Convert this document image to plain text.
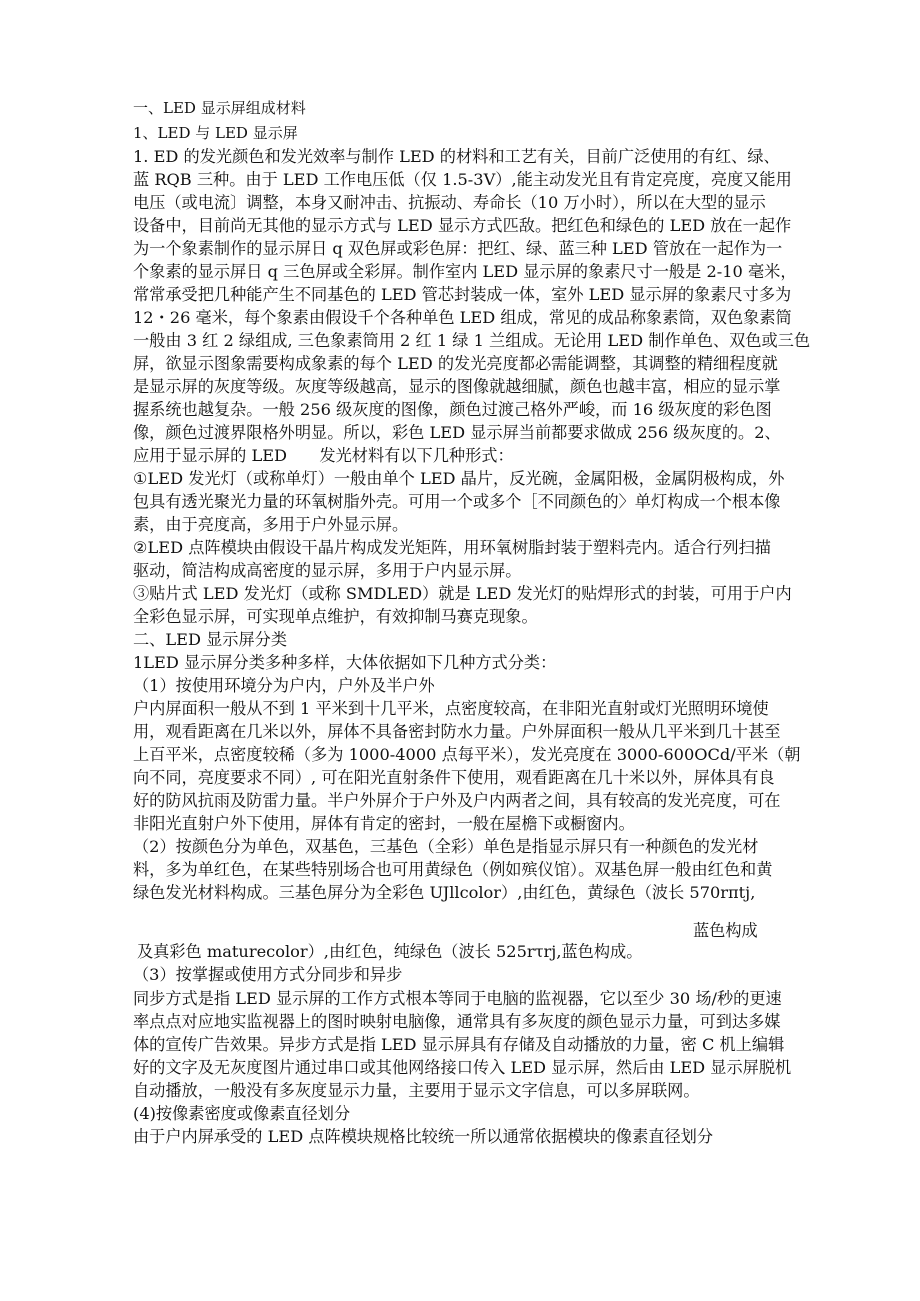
一、LED 显示屏组成材料
1、LED 与 LED 显示屏
1. ED 的发光颜色和发光效率与制作 LED 的材料和工艺有关，目前广泛使用的有红、绿、
蓝 RQB 三种。由于 LED 工作电压低（仅 1.5-3V）,能主动发光且有肯定亮度，亮度又能用
电压（或电流〕调整，本身又耐冲击、抗振动、寿命长（10 万小时），所以在大型的显示
设备中，目前尚无其他的显示方式与 LED 显示方式匹敌。把红色和绿色的 LED 放在一起作
为一个象素制作的显示屏日 q 双色屏或彩色屏：把红、绿、蓝三种 LED 管放在一起作为一
个象素的显示屏日 q 三色屏或全彩屏。制作室内 LED 显示屏的象素尺寸一般是 2-10 毫米，
常常承受把几种能产生不同基色的 LED 管芯封装成一体，室外 LED 显示屏的象素尺寸多为
12・26 毫米，每个象素由假设千个各种单色 LED 组成，常见的成品称象素筒，双色象素筒
一般由 3 红 2 绿组成, 三色象素筒用 2 红 1 绿 1 兰组成。无论用 LED 制作单色、双色或三色
屏，欲显示图象需要构成象素的每个 LED 的发光亮度都必需能调整，其调整的精细程度就
是显示屏的灰度等级。灰度等级越高，显示的图像就越细腻，颜色也越丰富，相应的显示掌
握系统也越复杂。一般 256 级灰度的图像，颜色过渡己格外严峻，而 16 级灰度的彩色图
像，颜色过渡界限格外明显。所以，彩色 LED 显示屏当前都要求做成 256 级灰度的。2、
应用于显示屏的 LED　　发光材料有以下几种形式：
①LED 发光灯（或称单灯）一般由单个 LED 晶片，反光碗，金属阳极，金属阴极构成，外
包具有透光聚光力量的环氧树脂外壳。可用一个或多个［不同颜色的〉单灯构成一个根本像
素，由于亮度高，多用于户外显示屏。
②LED 点阵模块由假设干晶片构成发光矩阵，用环氧树脂封装于塑料壳内。适合行列扫描
驱动，简洁构成高密度的显示屏，多用于户内显示屏。
③贴片式 LED 发光灯（或称 SMDLED）就是 LED 发光灯的贴焊形式的封装，可用于户内
全彩色显示屏，可实现单点维护，有效抑制马赛克现象。
二、LED 显示屏分类
1LED 显示屏分类多种多样，大体依据如下几种方式分类：
（1）按使用环境分为户内，户外及半户外
户内屏面积一般从不到 1 平米到十几平米，点密度较高，在非阳光直射或灯光照明环境使
用，观看距离在几米以外，屏体不具备密封防水力量。户外屏面积一般从几平米到几十甚至
上百平米，点密度较稀（多为 1000-4000 点每平米），发光亮度在 3000-600OCd/平米（朝
向不同，亮度要求不同）, 可在阳光直射条件下使用，观看距离在几十米以外，屏体具有良
好的防风抗雨及防雷力量。半户外屏介于户外及户内两者之间，具有较高的发光亮度，可在
非阳光直射户外下使用，屏体有肯定的密封，一般在屋檐下或橱窗内。
（2）按颜色分为单色，双基色，三基色（全彩）单色是指显示屏只有一种颜色的发光材
料，多为单红色，在某些特别场合也可用黄绿色（例如殡仪馆）。双基色屏一般由红色和黄
绿色发光材料构成。三基色屏分为全彩色 UJllcolor）,由红色，黄绿色（波长 570rπtj,
蓝色构成
及真彩色 maturecolor）,由红色，纯绿色（波长 525rτrj,蓝色构成。
（3）按掌握或使用方式分同步和异步
同步方式是指 LED 显示屏的工作方式根本等同于电脑的监视器，它以至少 30 场/秒的更速
率点点对应地实监视器上的图时映射电脑像，通常具有多灰度的颜色显示力量，可到达多媒
体的宣传广告效果。异步方式是指 LED 显示屏具有存储及自动播放的力量，密 C 机上编辑
好的文字及无灰度图片通过串口或其他网络接口传入 LED 显示屏，然后由 LED 显示屏脱机
自动播放，一般没有多灰度显示力量，主要用于显示文字信息，可以多屏联网。
(4)按像素密度或像素直径划分
由于户内屏承受的 LED 点阵模块规格比较统一所以通常依据模块的像素直径划分
